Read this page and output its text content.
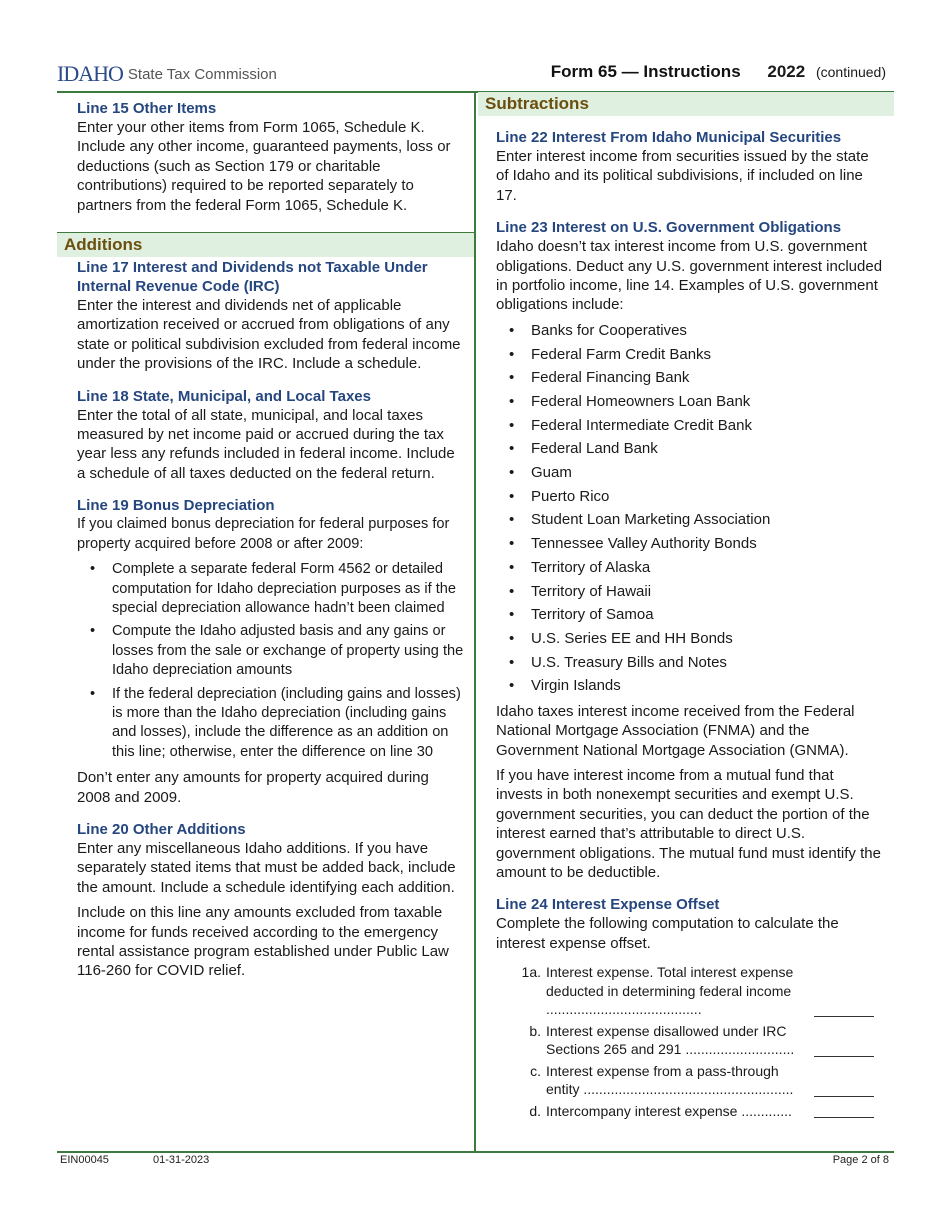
IDAHO State Tax Commission	Form 65 — Instructions 2022 (continued)
Line 15 Other Items

Enter your other items from Form 1065, Schedule K. Include any other income, guaranteed payments, loss or deductions (such as Section 179 or charitable contributions) required to be reported separately to partners from the federal Form 1065, Schedule K.

Additions
Line 17 Interest and Dividends not Taxable Under Internal Revenue Code (IRC)

Enter the interest and dividends net of applicable amortization received or accrued from obligations of any state or political subdivision excluded from federal income under the provisions of the IRC. Include a schedule.

Line 18 State, Municipal, and Local Taxes

Enter the total of all state, municipal, and local taxes measured by net income paid or accrued during the tax year less any refunds included in federal income. Include a schedule of all taxes deducted on the federal return.

Line 19 Bonus Depreciation

If you claimed bonus depreciation for federal purposes for property acquired before 2008 or after 2009:

• Complete a separate federal Form 4562 or detailed computation for Idaho depreciation purposes as if the special depreciation allowance hadn’t been claimed
• Compute the Idaho adjusted basis and any gains or losses from the sale or exchange of property using the Idaho depreciation amounts
• If the federal depreciation (including gains and losses) is more than the Idaho depreciation (including gains and losses), include the difference as an addition on this line; otherwise, enter the difference on line 30

Don’t enter any amounts for property acquired during 2008 and 2009.

Line 20 Other Additions

Enter any miscellaneous Idaho additions. If you have separately stated items that must be added back, include the amount. Include a schedule identifying each addition.

Include on this line any amounts excluded from taxable income for funds received according to the emergency rental assistance program established under Public Law 116-260 for COVID relief.

Subtractions
Line 22 Interest From Idaho Municipal Securities

Enter interest income from securities issued by the state of Idaho and its political subdivisions, if included on line 17.

Line 23 Interest on U.S. Government Obligations

Idaho doesn’t tax interest income from U.S. government obligations. Deduct any U.S. government interest included in portfolio income, line 14. Examples of U.S. government obligations include:

• Banks for Cooperatives
• Federal Farm Credit Banks
• Federal Financing Bank
• Federal Homeowners Loan Bank
• Federal Intermediate Credit Bank
• Federal Land Bank
• Guam
• Puerto Rico
• Student Loan Marketing Association
• Tennessee Valley Authority Bonds
• Territory of Alaska
• Territory of Hawaii
• Territory of Samoa
• U.S. Series EE and HH Bonds
• U.S. Treasury Bills and Notes
• Virgin Islands

Idaho taxes interest income received from the Federal National Mortgage Association (FNMA) and the Government National Mortgage Association (GNMA).

If you have interest income from a mutual fund that invests in both nonexempt securities and exempt U.S. government securities, you can deduct the portion of the interest earned that’s attributable to direct U.S. government obligations. The mutual fund must identify the amount to be deductible.

Line 24 Interest Expense Offset

Complete the following computation to calculate the interest expense offset.

1a. Interest expense. Total interest expense deducted in determining federal income ........................................
b. Interest expense disallowed under IRC Sections 265 and 291 ............................
c. Interest expense from a pass-through entity ......................................................
d. Intercompany interest expense .............
EIN00045	01-31-2023	Page 2 of 8
